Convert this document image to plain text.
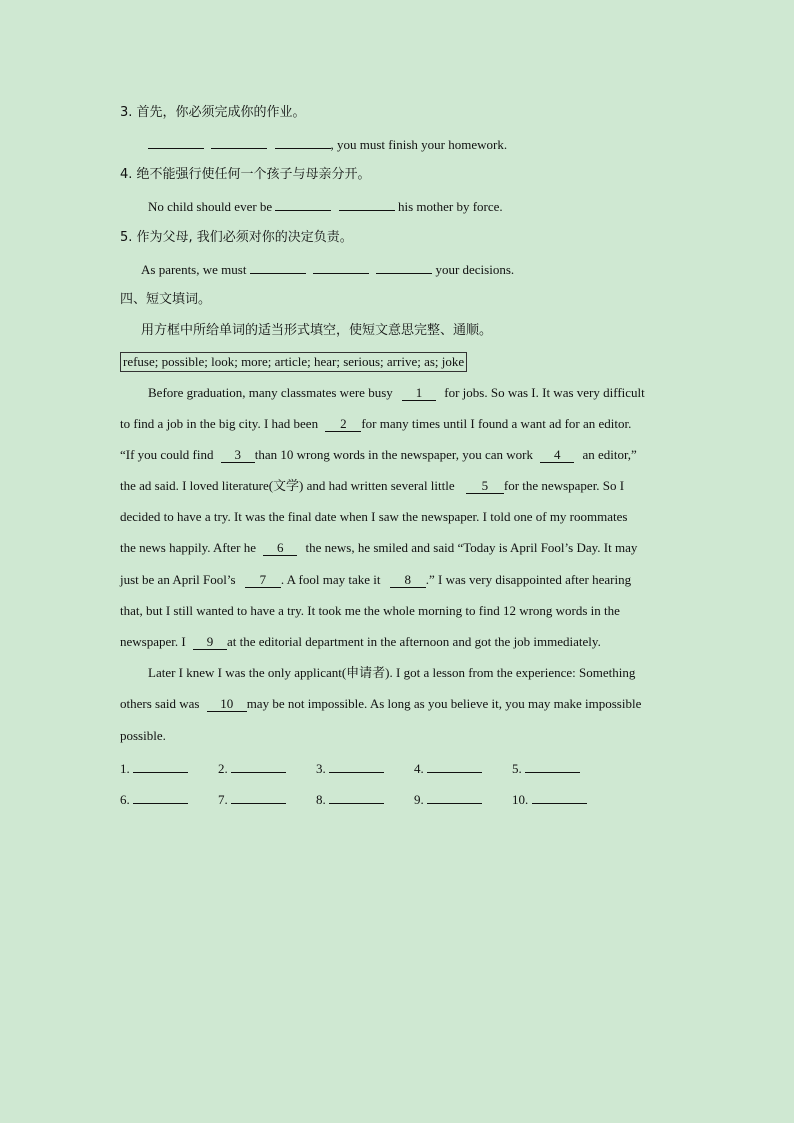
3. 首先，你必须完成你的作业。
, you must finish your homework.
4. 绝不能强行使任何一个孩子与母亲分开。
No child should ever be	his mother by force.
5. 作为父母, 我们必须对你的决定负责。
As parents, we must	your decisions.
四、短文填词。
用方框中所给单词的适当形式填空，使短文意思完整、通顺。
refuse; possible; look; more; article; hear; serious; arrive; as; joke
Before graduation, many classmates were busy 1 for jobs. So was I. It was very difficult
to find a job in the big city. I had been 2 for many times until I found a want ad for an editor.
“If you could find 3 than 10 wrong words in the newspaper, you can work 4 an editor,”
the ad said. I loved literature(文学) and had written several little 5 for the newspaper. So I
decided to have a try. It was the final date when I saw the newspaper. I told one of my roommates
the news happily. After he 6 the news, he smiled and said “Today is April Fool’s Day. It may
just be an April Fool’s 7 . A fool may take it 8 .” I was very disappointed after hearing
that, but I still wanted to have a try. It took me the whole morning to find 12 wrong words in the
newspaper. I 9 at the editorial department in the afternoon and got the job immediately.
Later I knew I was the only applicant(申请者). I got a lesson from the experience: Something
others said was 10 may be not impossible. As long as you believe it, you may make impossible
possible.
1.	2.	3.	4.	5.
6.	7.	8.	9.	10.
